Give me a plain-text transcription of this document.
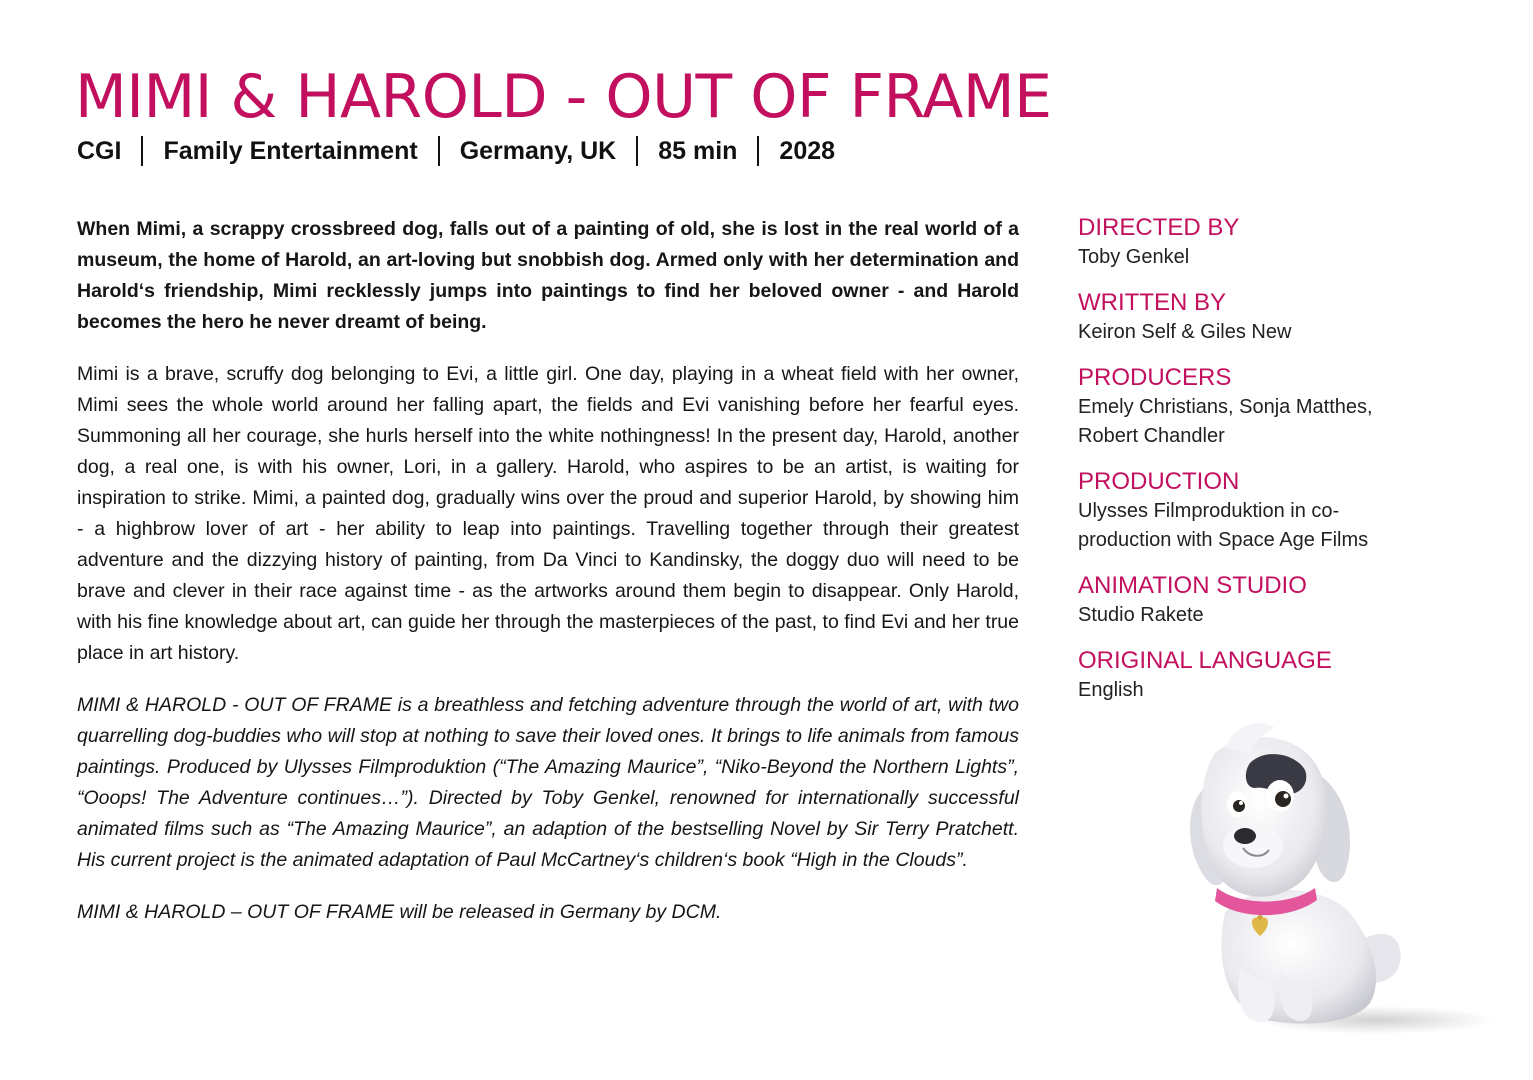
MIMI & HAROLD - OUT OF FRAME
CGI Family Entertainment Germany, UK 85 min 2028

When Mimi, a scrappy crossbreed dog, falls out of a painting of old, she is lost in the real world of a museum, the home of Harold, an art-loving but snobbish dog. Armed only with her determination and Harold‘s friendship, Mimi recklessly jumps into paintings to find her beloved owner - and Harold becomes the hero he never dreamt of being.

Mimi is a brave, scruffy dog belonging to Evi, a little girl. One day, playing in a wheat field with her owner, Mimi sees the whole world around her falling apart, the fields and Evi vanishing before her fearful eyes. Summoning all her courage, she hurls herself into the white nothingness! In the present day, Harold, another dog, a real one, is with his owner, Lori, in a gallery. Harold, who aspires to be an artist, is waiting for inspiration to strike. Mimi, a painted dog, gradually wins over the proud and superior Harold, by showing him - a highbrow lover of art - her ability to leap into paintings. Travelling together through their greatest adventure and the dizzying history of painting, from Da Vinci to Kandinsky, the doggy duo will need to be brave and clever in their race against time - as the artworks around them begin to disappear. Only Harold, with his fine knowledge about art, can guide her through the masterpieces of the past, to find Evi and her true place in art history.

MIMI & HAROLD - OUT OF FRAME is a breathless and fetching adventure through the world of art, with two quarrelling dog-buddies who will stop at nothing to save their loved ones. It brings to life animals from famous paintings. Produced by Ulysses Filmproduktion (“The Amazing Maurice”, “Niko-Beyond the Northern Lights”, “Ooops! The Adventure continues…”). Directed by Toby Genkel, renowned for internationally successful animated films such as “The Amazing Maurice”, an adaption of the bestselling Novel by Sir Terry Pratchett. His current project is the animated adaptation of Paul McCartney‘s children‘s book “High in the Clouds”.

MIMI & HAROLD – OUT OF FRAME will be released in Germany by DCM.

DIRECTED BY
Toby Genkel
WRITTEN BY
Keiron Self & Giles New
PRODUCERS
Emely Christians, Sonja Matthes, Robert Chandler
PRODUCTION
Ulysses Filmproduktion in co-production with Space Age Films
ANIMATION STUDIO
Studio Rakete
ORIGINAL LANGUAGE
English
